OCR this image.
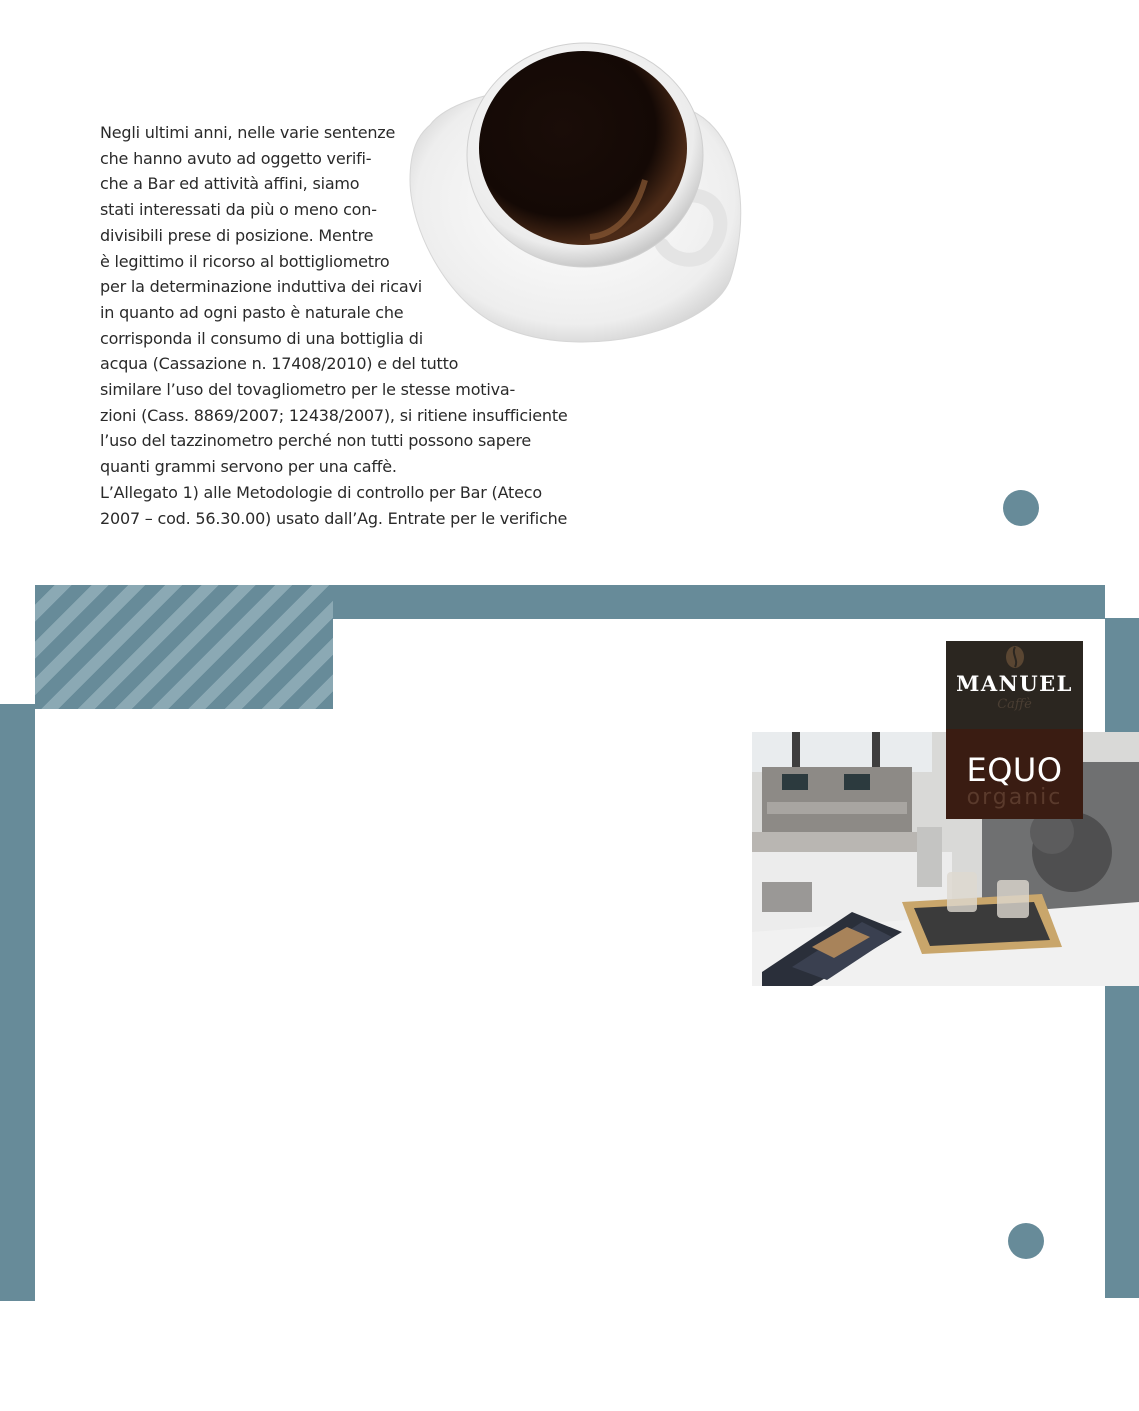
Negli ultimi anni, nelle varie sentenze
che hanno avuto ad oggetto verifi-
che a Bar ed attività affini, siamo
stati interessati da più o meno con-
divisibili prese di posizione. Mentre
è legittimo il ricorso al bottigliometro
per la determinazione induttiva dei ricavi
in quanto ad ogni pasto è naturale che
corrisponda il consumo di una bottiglia di
acqua (Cassazione n. 17408/2010) e del tutto
similare l’uso del tovagliometro per le stesse motiva-
zioni (Cass. 8869/2007; 12438/2007), si ritiene insufficiente
l’uso del tazzinometro perché non tutti possono sapere
quanti grammi servono per una caffè.
L’Allegato 1) alle Metodologie di controllo per Bar (Ateco
2007 – cod. 56.30.00) usato dall’Ag. Entrate per le verifiche
MANUEL
Caffè
EQUO
organic
